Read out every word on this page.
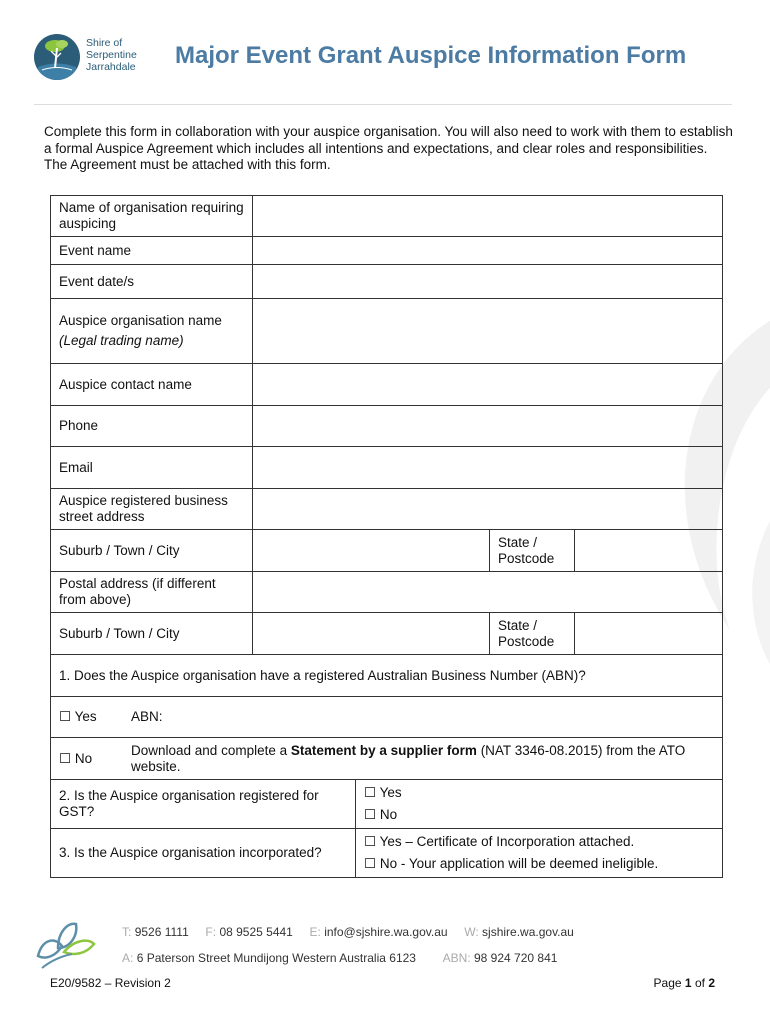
Shire of
Serpentine
Jarrahdale Major Event Grant Auspice Information Form
Complete this form in collaboration with your auspice organisation. You will also need to work with them to establish a formal Auspice Agreement which includes all intentions and expectations, and clear roles and responsibilities. The Agreement must be attached with this form.
Name of organisation requiring auspicing	
Event name	
Event date/s	

Auspice organisation name
(Legal trading name)

Auspice contact name	
Phone	
Email	
Auspice registered business street address	
Suburb / Town / City		State / Postcode	
Postal address (if different from above)	
Suburb / Town / City		State / Postcode	
1. Does the Auspice organisation have a registered Australian Business Number (ABN)?

☐ Yes	ABN:

☐ No	Download and complete a Statement by a supplier form (NAT 3346-08.2015) from the ATO website.

2. Is the Auspice organisation registered for GST?	
☐ Yes
☐ No

3. Is the Auspice organisation incorporated?	
☐ Yes – Certificate of Incorporation attached.
☐ No - Your application will be deemed ineligible.
T: 9526 1111 F: 08 9525 5441 E: info@sjshire.wa.gov.au W: sjshire.wa.gov.au
A: 6 Paterson Street Mundijong Western Australia 6123 ABN: 98 924 720 841
E20/9582 – Revision 2	Page 1 of 2
